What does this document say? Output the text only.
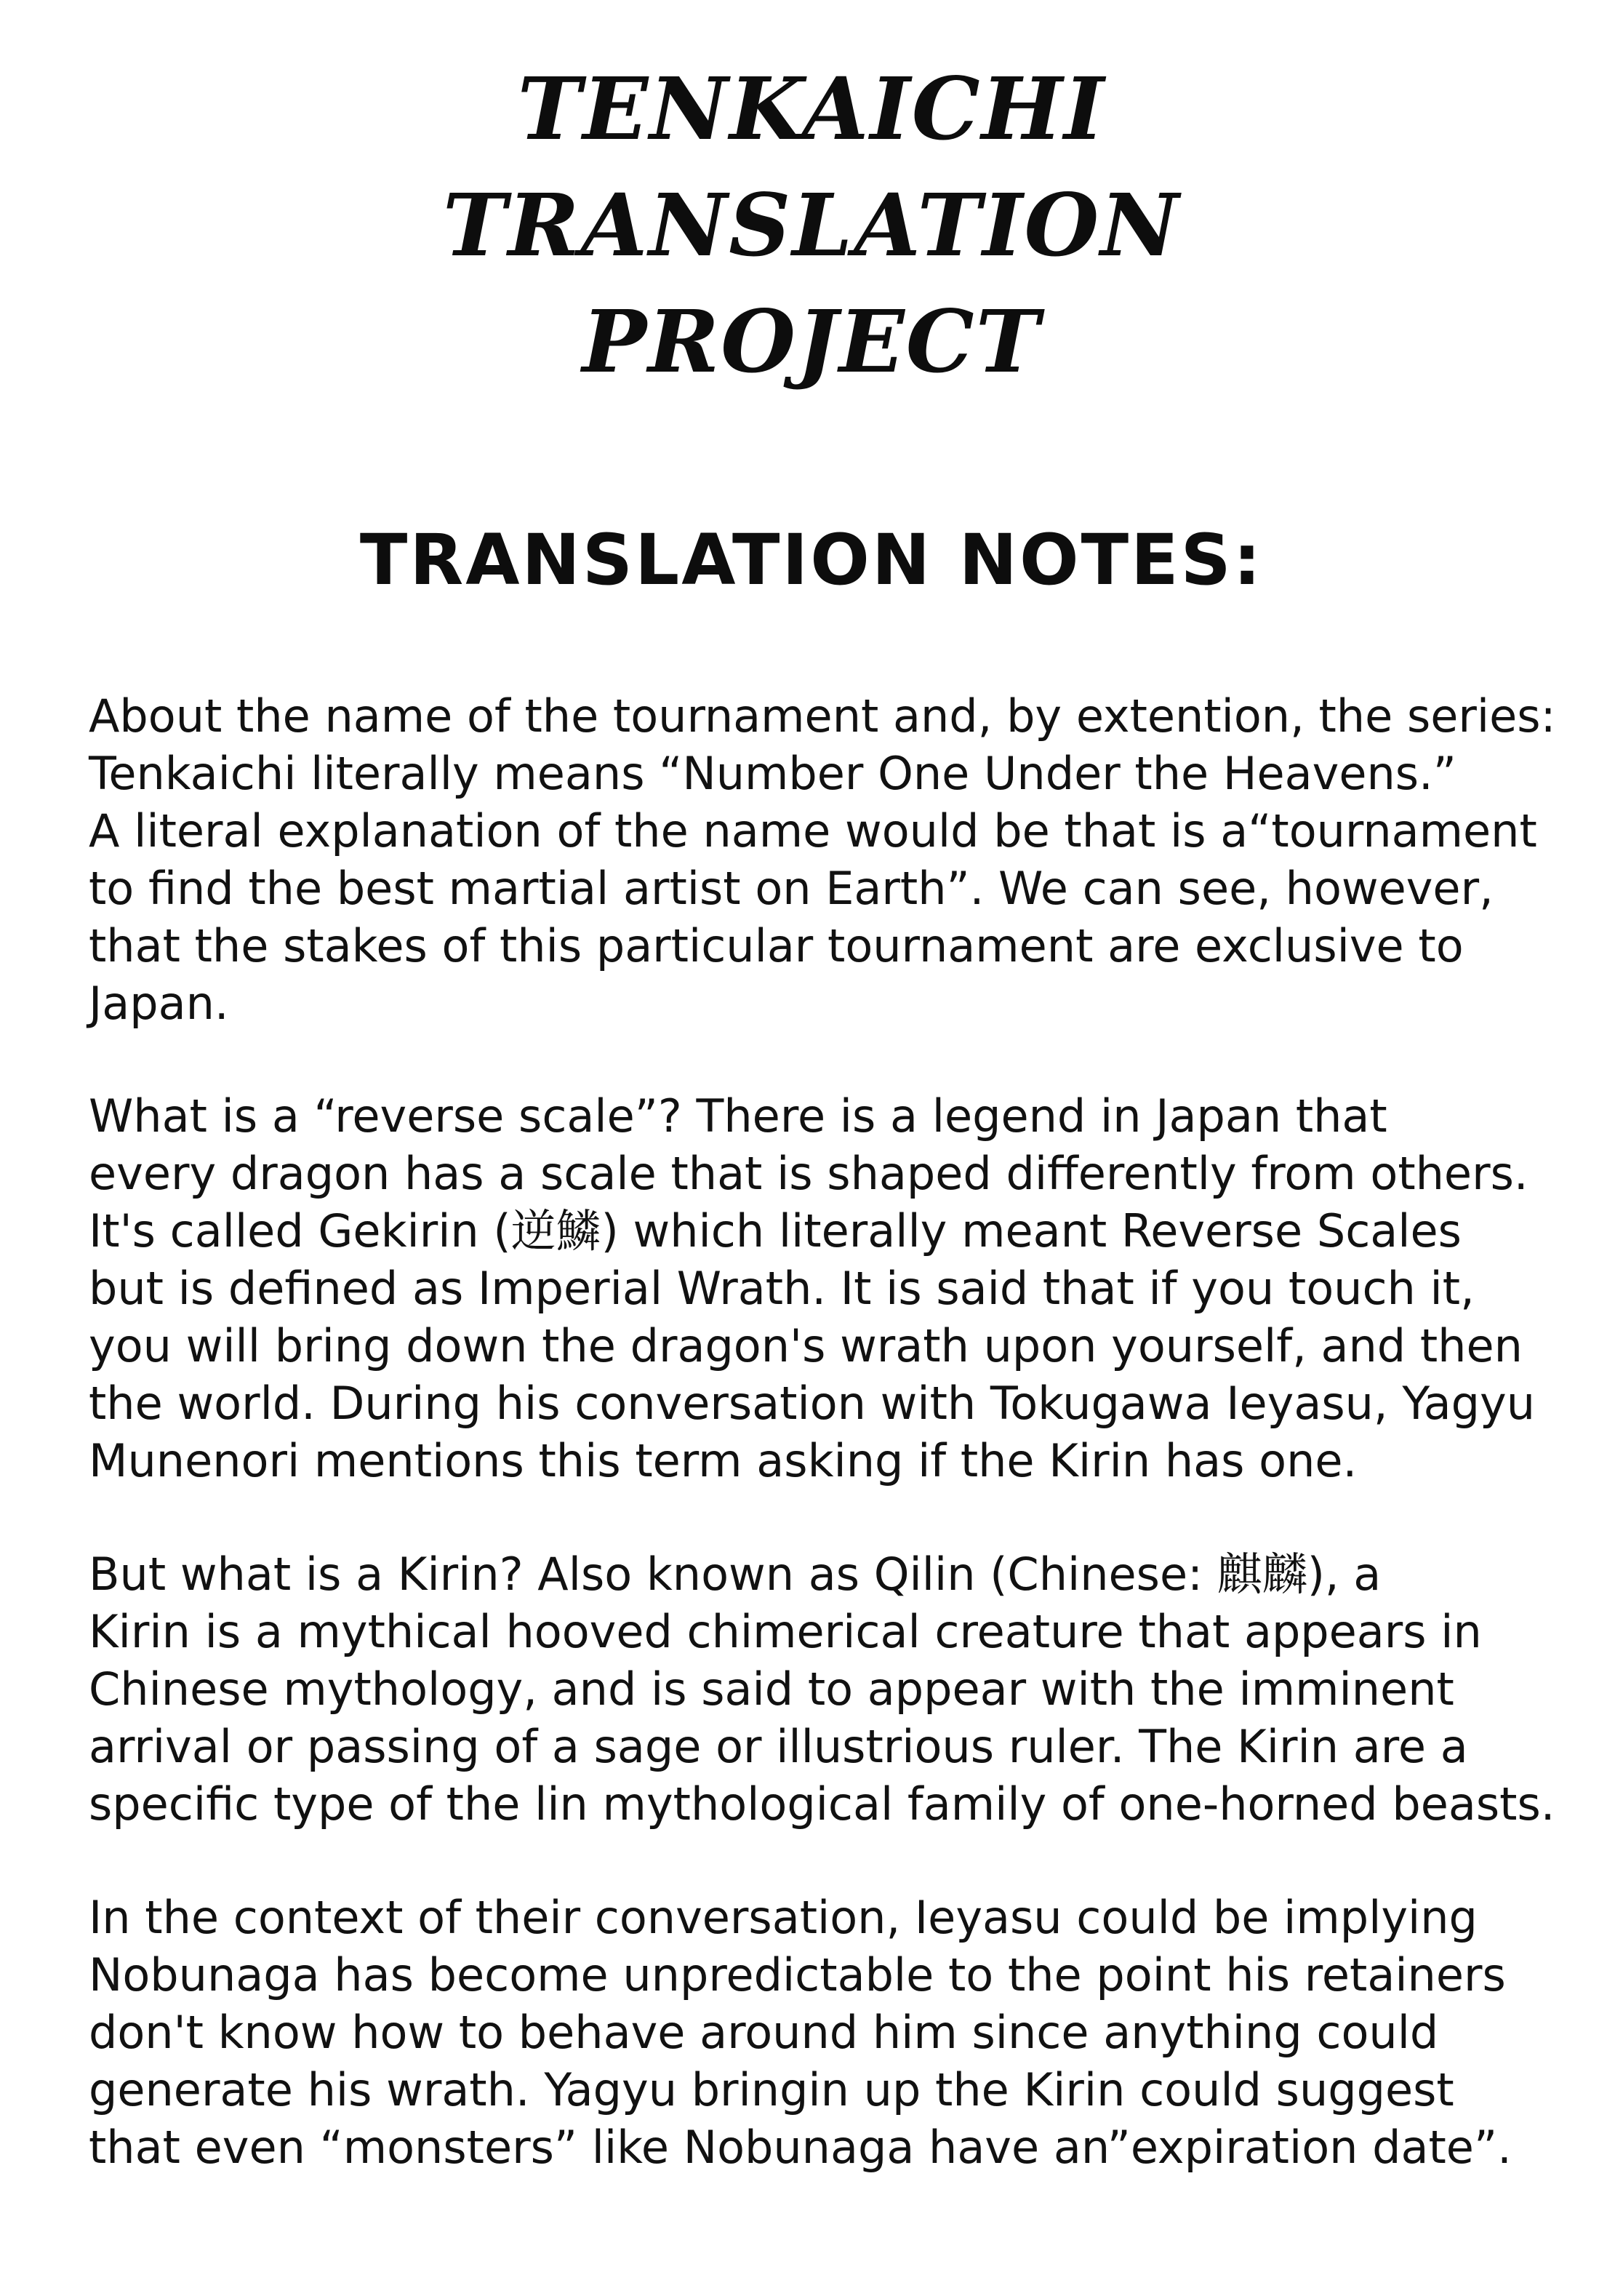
TENKAICHI
TRANSLATION
PROJECT
TRANSLATION NOTES:

About the name of the tournament and, by extention, the series:
Tenkaichi literally means “Number One Under the Heavens.”
A literal explanation of the name would be that is a“tournament
to find the best martial artist on Earth”. We can see, however,
that the stakes of this particular tournament are exclusive to
Japan.

What is a “reverse scale”? There is a legend in Japan that
every dragon has a scale that is shaped differently from others.
It's called Gekirin (逆鱗) which literally meant Reverse Scales
but is defined as Imperial Wrath. It is said that if you touch it,
you will bring down the dragon's wrath upon yourself, and then
the world. During his conversation with Tokugawa Ieyasu, Yagyu
Munenori mentions this term asking if the Kirin has one.

But what is a Kirin? Also known as Qilin (Chinese: 麒麟), a
Kirin is a mythical hooved chimerical creature that appears in
Chinese mythology, and is said to appear with the imminent
arrival or passing of a sage or illustrious ruler. The Kirin are a
specific type of the lin mythological family of one-horned beasts.

In the context of their conversation, Ieyasu could be implying
Nobunaga has become unpredictable to the point his retainers
don't know how to behave around him since anything could
generate his wrath. Yagyu bringin up the Kirin could suggest
that even “monsters” like Nobunaga have an”expiration date”.
